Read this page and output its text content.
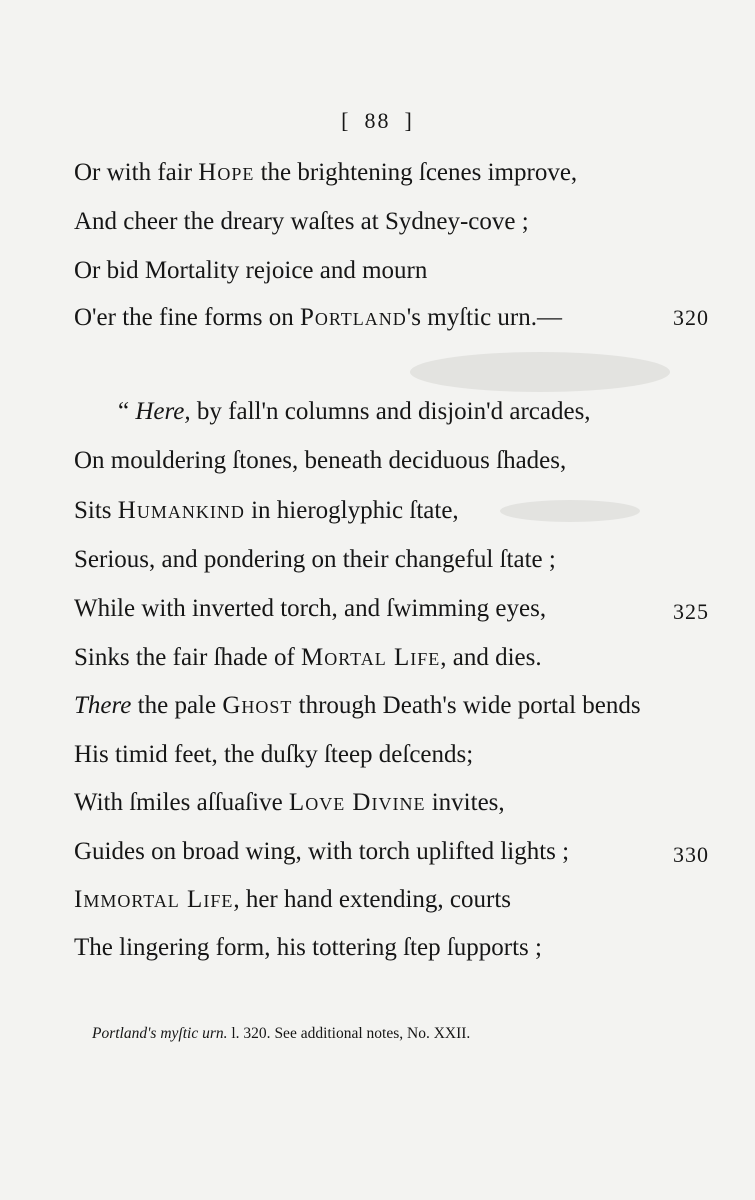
[ 88 ]
Or with fair Hope the brightening ſcenes improve,
And cheer the dreary waſtes at Sydney-cove ;
Or bid Mortality rejoice and mourn
O'er the fine forms on Portland's myſtic urn.—	320
“ Here, by fall'n columns and disjoin'd arcades,
On mouldering ſtones, beneath deciduous ſhades,
Sits Humankind in hieroglyphic ſtate,
Serious, and pondering on their changeful ſtate ;
While with inverted torch, and ſwimming eyes,	325
Sinks the fair ſhade of Mortal Life, and dies.
There the pale Ghost through Death's wide portal bends
His timid feet, the duſky ſteep deſcends;
With ſmiles aſſuaſive Love Divine invites,
Guides on broad wing, with torch uplifted lights ;	330
Immortal Life, her hand extending, courts
The lingering form, his tottering ſtep ſupports ;
Portland's myſtic urn. l. 320. See additional notes, No. XXII.
